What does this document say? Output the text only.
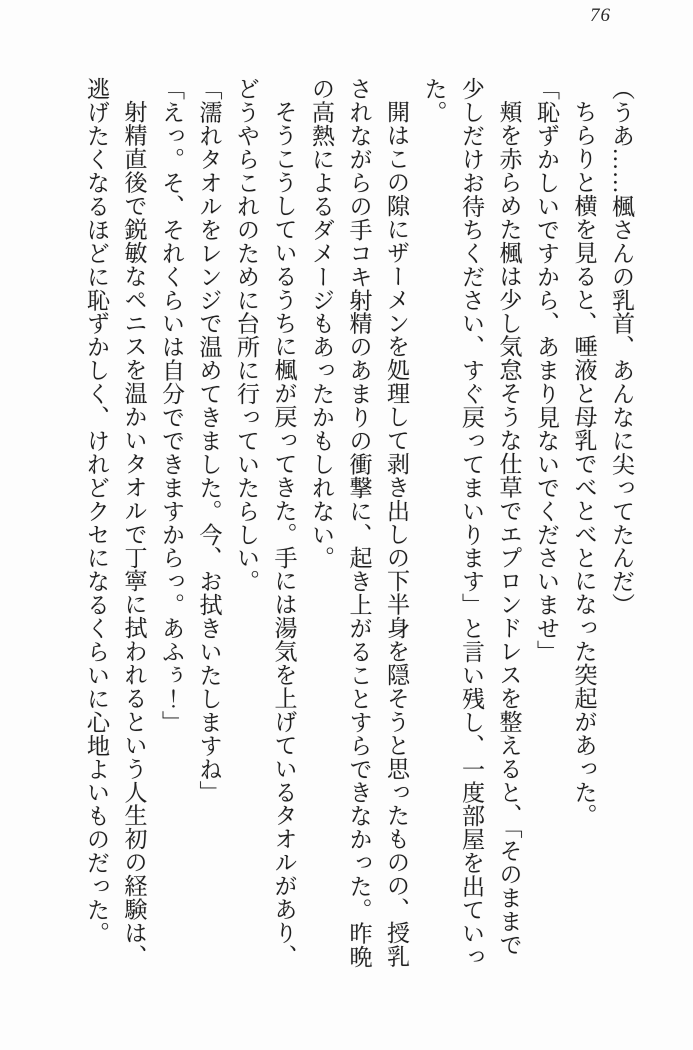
76

（うあ……楓さんの乳首、あんなに尖ってたんだ）

ちらりと横を見ると、唾液と母乳でべとべとになった突起があった。

「恥ずかしいですから、あまり見ないでくださいませ」

頬を赤らめた楓は少し気怠そうな仕草でエプロンドレスを整えると、「そのままで少しだけお待ちください、すぐ戻ってまいります」と言い残し、一度部屋を出ていった。

開はこの隙にザーメンを処理して剥き出しの下半身を隠そうと思ったものの、授乳されながらの手コキ射精のあまりの衝撃に、起き上がることすらできなかった。昨晩の高熱によるダメージもあったかもしれない。

そうこうしているうちに楓が戻ってきた。手には湯気を上げているタオルがあり、どうやらこれのために台所に行っていたらしい。

「濡れタオルをレンジで温めてきました。今、お拭きいたしますね」

「えっ。そ、それくらいは自分でできますからっ。あふぅ！」

射精直後で鋭敏なペニスを温かいタオルで丁寧に拭われるという人生初の経験は、逃げたくなるほどに恥ずかしく、けれどクセになるくらいに心地よいものだった。
